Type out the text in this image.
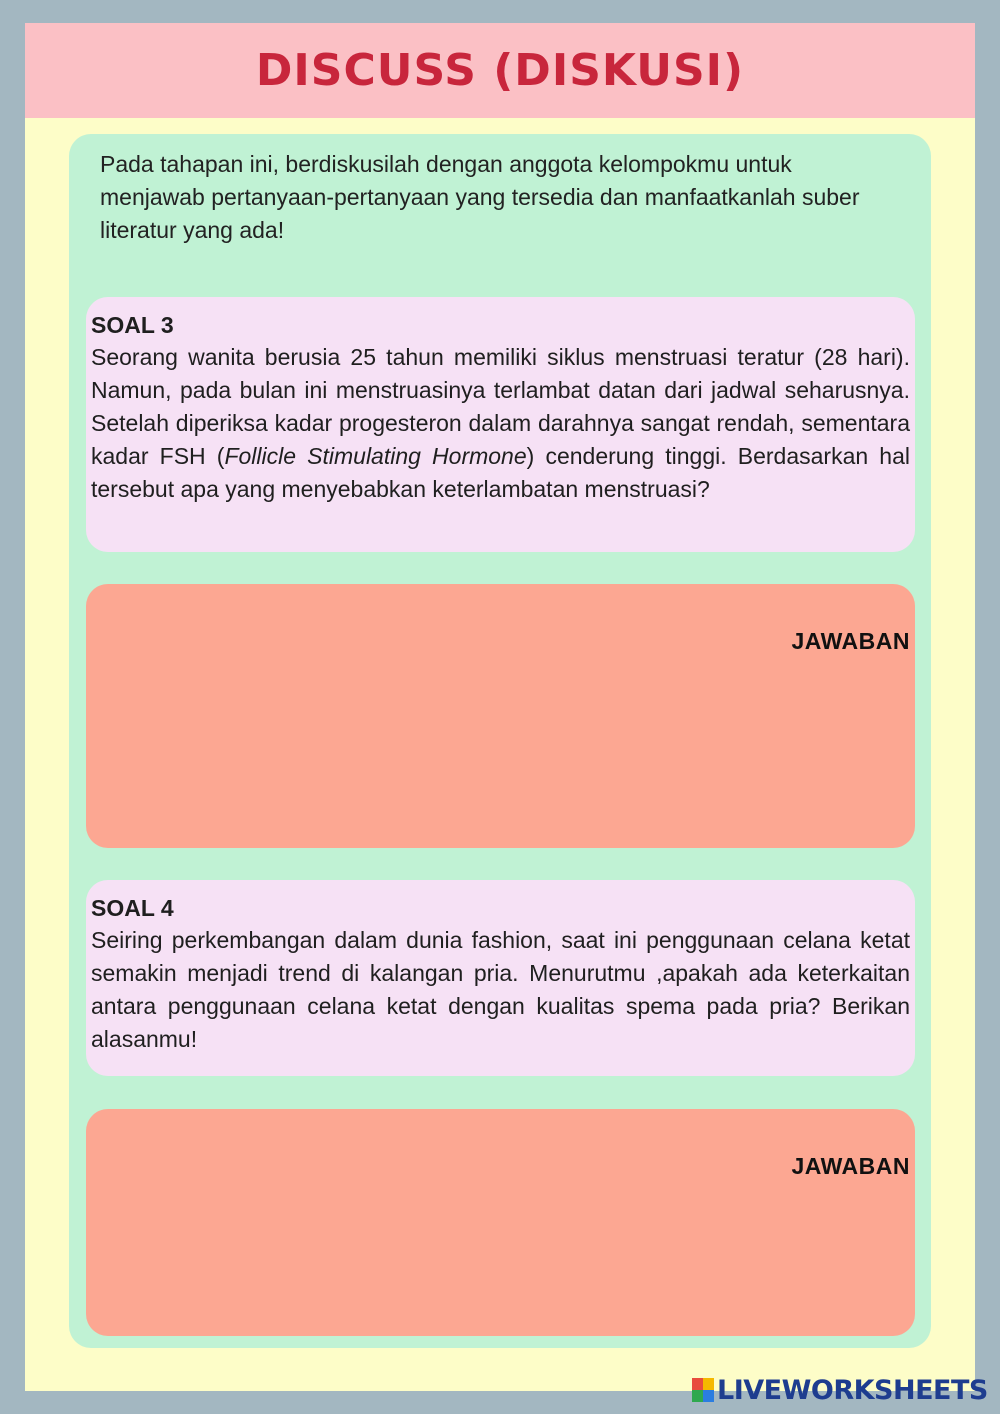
DISCUSS (DISKUSI)

Pada tahapan ini, berdiskusilah dengan anggota kelompokmu untuk menjawab pertanyaan-pertanyaan yang tersedia dan manfaatkanlah suber literatur yang ada!

SOAL 3

Seorang wanita berusia 25 tahun memiliki siklus menstruasi teratur (28 hari). Namun, pada bulan ini menstruasinya terlambat datan dari jadwal seharusnya. Setelah diperiksa kadar progesteron dalam darahnya sangat rendah, sementara kadar FSH (Follicle Stimulating Hormone) cenderung tinggi. Berdasarkan hal tersebut apa yang menyebabkan keterlambatan menstruasi?

JAWABAN
SOAL 4

Seiring perkembangan dalam dunia fashion, saat ini penggunaan celana ketat semakin menjadi trend di kalangan pria. Menurutmu ,apakah ada keterkaitan antara penggunaan celana ketat dengan kualitas spema pada pria? Berikan alasanmu!

JAWABAN
LIVEWORKSHEETS
